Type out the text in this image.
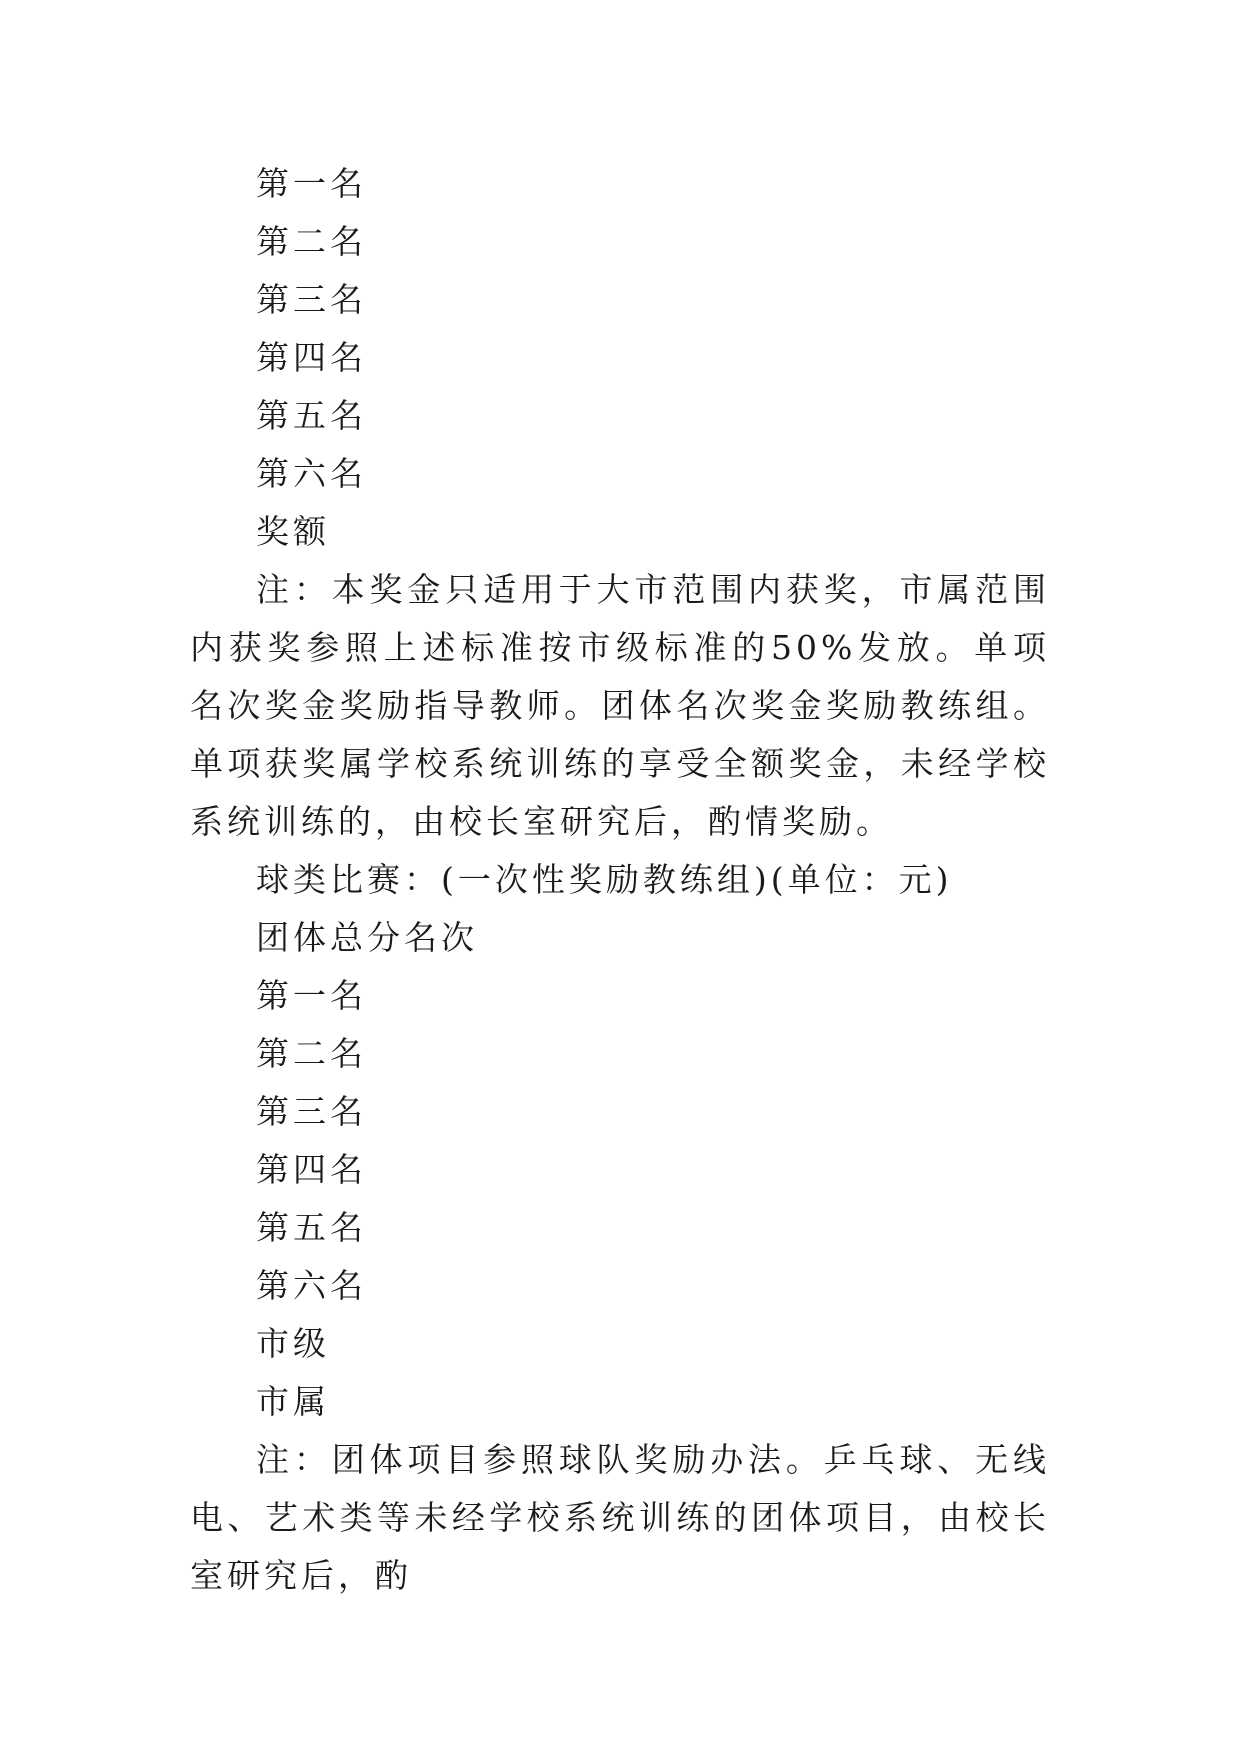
第一名
第二名
第三名
第四名
第五名
第六名
奖额

注：本奖金只适用于大市范围内获奖，市属范围内获奖参照上述标准按市级标准的50%发放。单项名次奖金奖励指导教师。团体名次奖金奖励教练组。单项获奖属学校系统训练的享受全额奖金，未经学校系统训练的，由校长室研究后，酌情奖励。

球类比赛：(一次性奖励教练组)(单位：元)
团体总分名次
第一名
第二名
第三名
第四名
第五名
第六名
市级
市属

注：团体项目参照球队奖励办法。乒乓球、无线电、艺术类等未经学校系统训练的团体项目，由校长室研究后，酌
